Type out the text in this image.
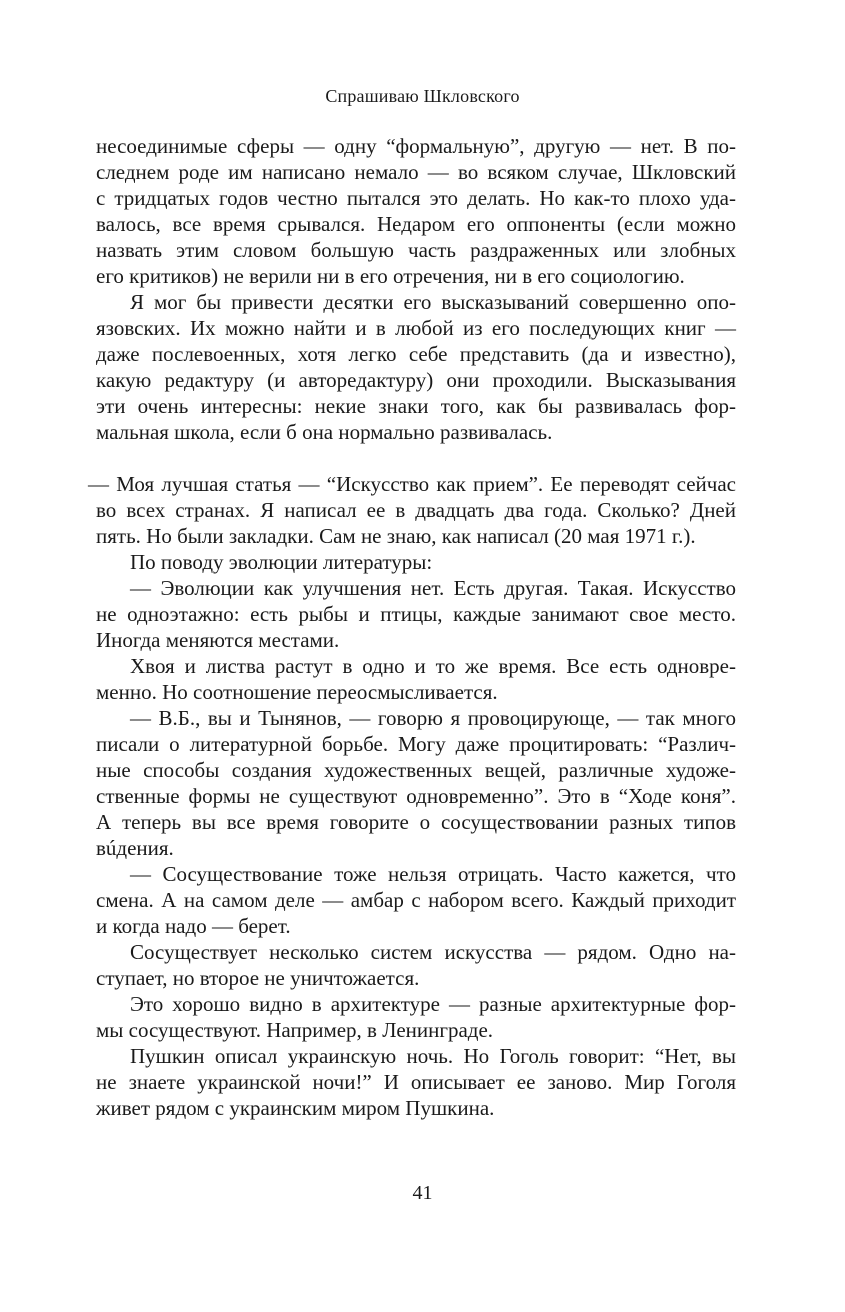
Спрашиваю Шкловского
несоединимые сферы — одну “формальную”, другую — нет. В по-
следнем роде им написано немало — во всяком случае, Шкловский
с тридцатых годов честно пытался это делать. Но как-то плохо уда-
валось, все время срывался. Недаром его оппоненты (если можно
назвать этим словом большую часть раздраженных или злобных
его критиков) не верили ни в его отречения, ни в его социологию.
Я мог бы привести десятки его высказываний совершенно опо-
язовских. Их можно найти и в любой из его последующих книг —
даже послевоенных, хотя легко себе представить (да и известно),
какую редактуру (и авторедактуру) они проходили. Высказывания
эти очень интересны: некие знаки того, как бы развивалась фор-
мальная школа, если б она нормально развивалась.
— Моя лучшая статья — “Искусство как прием”. Ее переводят сейчас
во всех странах. Я написал ее в двадцать два года. Сколько? Дней
пять. Но были закладки. Сам не знаю, как написал (20 мая 1971 г.).
По поводу эволюции литературы:
— Эволюции как улучшения нет. Есть другая. Такая. Искусство
не одноэтажно: есть рыбы и птицы, каждые занимают свое место.
Иногда меняются местами.
Хвоя и листва растут в одно и то же время. Все есть одновре-
менно. Но соотношение переосмысливается.
— В.Б., вы и Тынянов, — говорю я провоцирующе, — так много
писали о литературной борьбе. Могу даже процитировать: “Различ-
ные способы создания художественных вещей, различные художе-
ственные формы не существуют одновременно”. Это в “Ходе коня”.
А теперь вы все время говорите о сосуществовании разных типов
вúдения.
— Сосуществование тоже нельзя отрицать. Часто кажется, что
смена. А на самом деле — амбар с набором всего. Каждый приходит
и когда надо — берет.
Сосуществует несколько систем искусства — рядом. Одно на-
ступает, но второе не уничтожается.
Это хорошо видно в архитектуре — разные архитектурные фор-
мы сосуществуют. Например, в Ленинграде.
Пушкин описал украинскую ночь. Но Гоголь говорит: “Нет, вы
не знаете украинской ночи!” И описывает ее заново. Мир Гоголя
живет рядом с украинским миром Пушкина.
41
